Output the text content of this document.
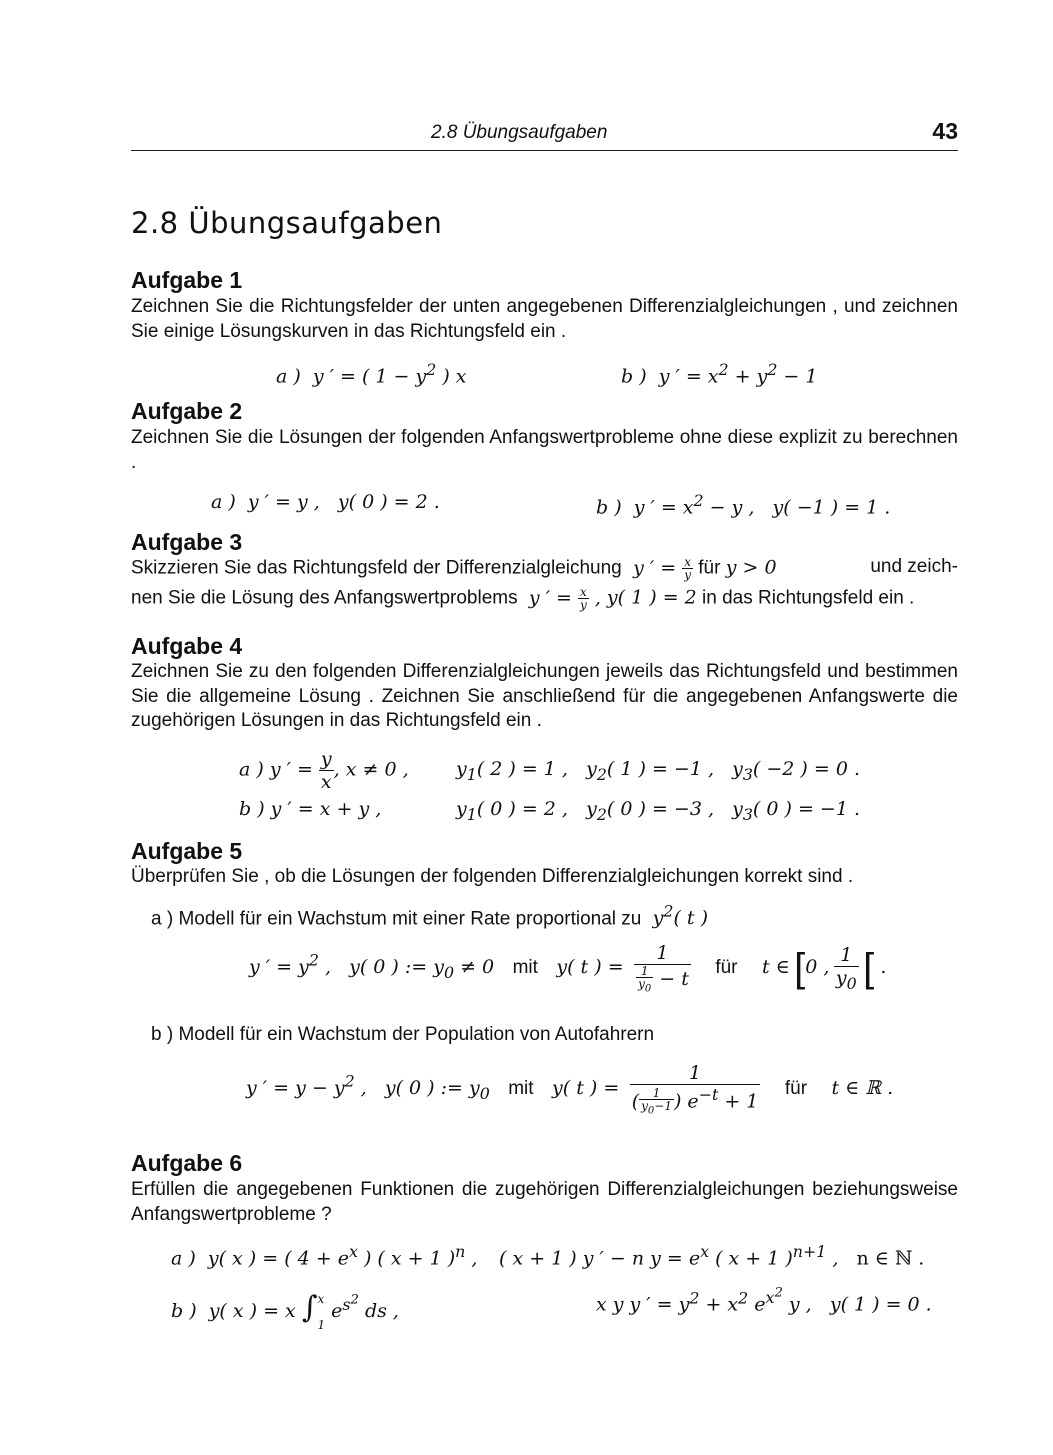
2.8 Übungsaufgaben	43
2.8 Übungsaufgaben
Aufgabe 1

Zeichnen Sie die Richtungsfelder der unten angegebenen Differenzialgleichungen , und zeichnen Sie einige Lösungskurven in das Richtungsfeld ein .

a )  y ′ = ( $1 - y^2$ ) x	b )  y ′ = $x^2 + y^2 - 1$
Aufgabe 2

Zeichnen Sie die Lösungen der folgenden Anfangswertprobleme ohne diese explizit zu berechnen .

a )  y ′ = y ,   y( 0 ) = 2 .	b )  y ′ = $x^2 - y$ ,   y( −1 ) = 1 .
Aufgabe 3
Skizzieren Sie das Richtungsfeld der Differenzialgleichung  y ′ = $\frac{x}{y}$ für y > 0	und zeich-
nen Sie die Lösung des Anfangswertproblems  y ′ = $\frac{x}{y}$ , y( 1 ) = 2 in das Richtungsfeld ein .
Aufgabe 4

Zeichnen Sie zu den folgenden Differenzialgleichungen jeweils das Richtungsfeld und bestimmen Sie die allgemeine Lösung . Zeichnen Sie anschließend für die angegebenen Anfangswerte die zugehörigen Lösungen in das Richtungsfeld ein .

a ) y ′ = $\frac{y}{x}$ , x ≠ 0 , $y_1$( 2 ) = 1 ,   $y_2$( 1 ) = −1 ,   $y_3( -2$ ) = 0 .
b ) y ′ = x + y ,	$y_1$( 0 ) = 2 ,   $y_2$( 0 ) = −3 ,   $y_3$( 0 ) = −1 .
Aufgabe 5

Überprüfen Sie , ob die Lösungen der folgenden Differenzialgleichungen korrekt sind .

a ) Modell für ein Wachstum mit einer Rate proportional zu  $y^2$( t )
y ′ = $y^2$ ,   y( 0 ) := $y_0 \ne 0$ mit y( t ) = $\frac{1}{\frac{1}{y_0} - t}$ für t ∈ [0 , $\frac{1}{y_0}$ [ .
b ) Modell für ein Wachstum der Population von Autofahrern
y ′ = $y - y^2$ ,   y( 0 ) := $y_0$ mit y( t ) = $\frac{1}{( \frac{1}{y_0-1} ) e^{-t} + 1}$ für t ∈ ℝ .
Aufgabe 6

Erfüllen die angegebenen Funktionen die zugehörigen Differenzialgleichungen beziehungsweise Anfangswertprobleme ?

a )  y( x ) = ( $4 + e^x$ ) ( x + 1 )$^n$ , ( x + 1 ) y ′ − n $y = e^x$ ( x + 1 )$^{n+1}$ ,   n ∈ ℕ .
b )  y( x ) = x ∫ x
1
$e^{s^2}$ ds ,	x y y ′ = $y^2 + x^2$ $e^{x^2}$ y ,   y( 1 ) = 0 .
